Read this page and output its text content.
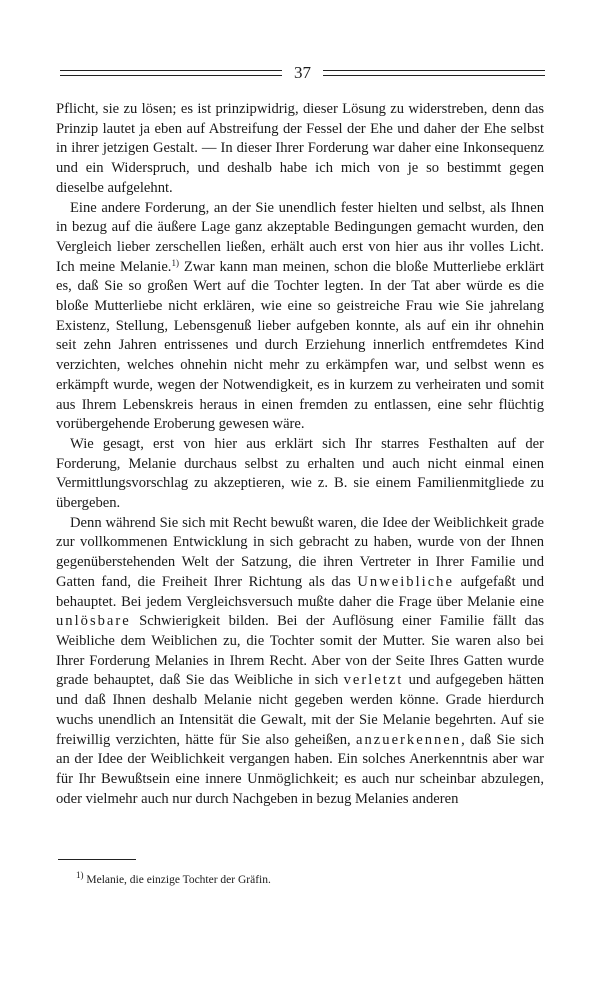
37

Pflicht, sie zu lösen; es ist prinzipwidrig, dieser Lösung zu widerstreben, denn das Prinzip lautet ja eben auf Abstreifung der Fessel der Ehe und daher der Ehe selbst in ihrer jetzigen Gestalt. — In dieser Ihrer Forderung war daher eine Inkonsequenz und ein Widerspruch, und deshalb habe ich mich von je so bestimmt gegen dieselbe aufgelehnt.

Eine andere Forderung, an der Sie unendlich fester hielten und selbst, als Ihnen in bezug auf die äußere Lage ganz akzeptable Bedingungen gemacht wurden, den Vergleich lieber zerschellen ließen, erhält auch erst von hier aus ihr volles Licht. Ich meine Melanie.$^{1)}$ Zwar kann man meinen, schon die bloße Mutterliebe erklärt es, daß Sie so großen Wert auf die Tochter legten. In der Tat aber würde es die bloße Mutterliebe nicht erklären, wie eine so geistreiche Frau wie Sie jahrelang Existenz, Stellung, Lebensgenuß lieber aufgeben konnte, als auf ein ihr ohnehin seit zehn Jahren entrissenes und durch Erziehung innerlich entfremdetes Kind verzichten, welches ohnehin nicht mehr zu erkämpfen war, und selbst wenn es erkämpft wurde, wegen der Notwendigkeit, es in kurzem zu verheiraten und somit aus Ihrem Lebenskreis heraus in einen fremden zu entlassen, eine sehr flüchtig vorübergehende Eroberung gewesen wäre.

Wie gesagt, erst von hier aus erklärt sich Ihr starres Festhalten auf der Forderung, Melanie durchaus selbst zu erhalten und auch nicht einmal einen Vermittlungsvorschlag zu akzeptieren, wie z. B. sie einem Familienmitgliede zu übergeben.

Denn während Sie sich mit Recht bewußt waren, die Idee der Weiblichkeit grade zur vollkommenen Entwicklung in sich gebracht zu haben, wurde von der Ihnen gegenüberstehenden Welt der Satzung, die ihren Vertreter in Ihrer Familie und Gatten fand, die Freiheit Ihrer Richtung als das Unweibliche aufgefaßt und behauptet. Bei jedem Vergleichsversuch mußte daher die Frage über Melanie eine unlösbare Schwierigkeit bilden. Bei der Auflösung einer Familie fällt das Weibliche dem Weiblichen zu, die Tochter somit der Mutter. Sie waren also bei Ihrer Forderung Melanies in Ihrem Recht. Aber von der Seite Ihres Gatten wurde grade behauptet, daß Sie das Weibliche in sich verletzt und aufgegeben hätten und daß Ihnen deshalb Melanie nicht gegeben werden könne. Grade hierdurch wuchs unendlich an Intensität die Gewalt, mit der Sie Melanie begehrten. Auf sie freiwillig verzichten, hätte für Sie also geheißen, anzuerkennen, daß Sie sich an der Idee der Weiblichkeit vergangen haben. Ein solches Anerkenntnis aber war für Ihr Bewußtsein eine innere Unmöglichkeit; es auch nur scheinbar abzulegen, oder vielmehr auch nur durch Nachgeben in bezug Melanies anderen

$^{1)}$ Melanie, die einzige Tochter der Gräfin.
